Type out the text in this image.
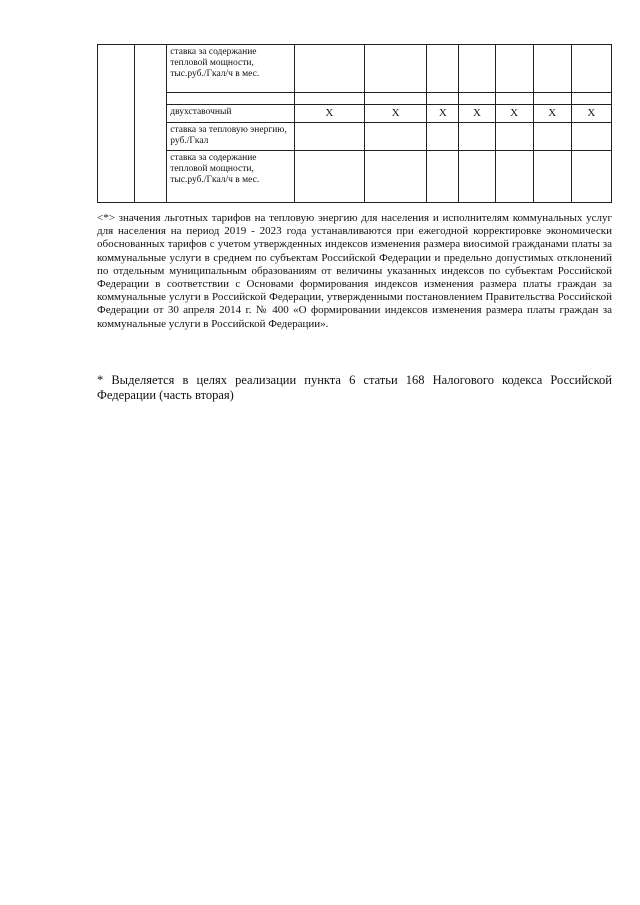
		ставка за содержание тепловой мощности, тыс.руб./Гкал/ч в мес.							

		двухставочный	X	X	X	X	X	X	X
		ставка за тепловую энергию, руб./Гкал							
		ставка за содержание тепловой мощности, тыс.руб./Гкал/ч в мес.							

<*> значения льготных тарифов на тепловую энергию для населения и исполнителям коммунальных услуг для населения на период 2019 - 2023 года устанавливаются при ежегодной корректировке экономически обоснованных тарифов с учетом утвержденных индексов изменения размера виосимой гражданами платы за коммунальные услуги в среднем по субъектам Российской Федерации и предельно допустимых отклонений по отдельным муниципальным образованиям от величины указанных индексов по субъектам Российской Федерации в соответствии с Основами формирования индексов изменения размера платы граждан за коммунальные услуги в Российской Федерации, утвержденными постановлением Правительства Российской Федерации от 30 апреля 2014 г. № 400 «О формировании индексов изменения размера платы граждан за коммунальные услуги в Российской Федерации».

* Выделяется в целях реализации пункта 6 статьи 168 Налогового кодекса Российской Федерации (часть вторая)
